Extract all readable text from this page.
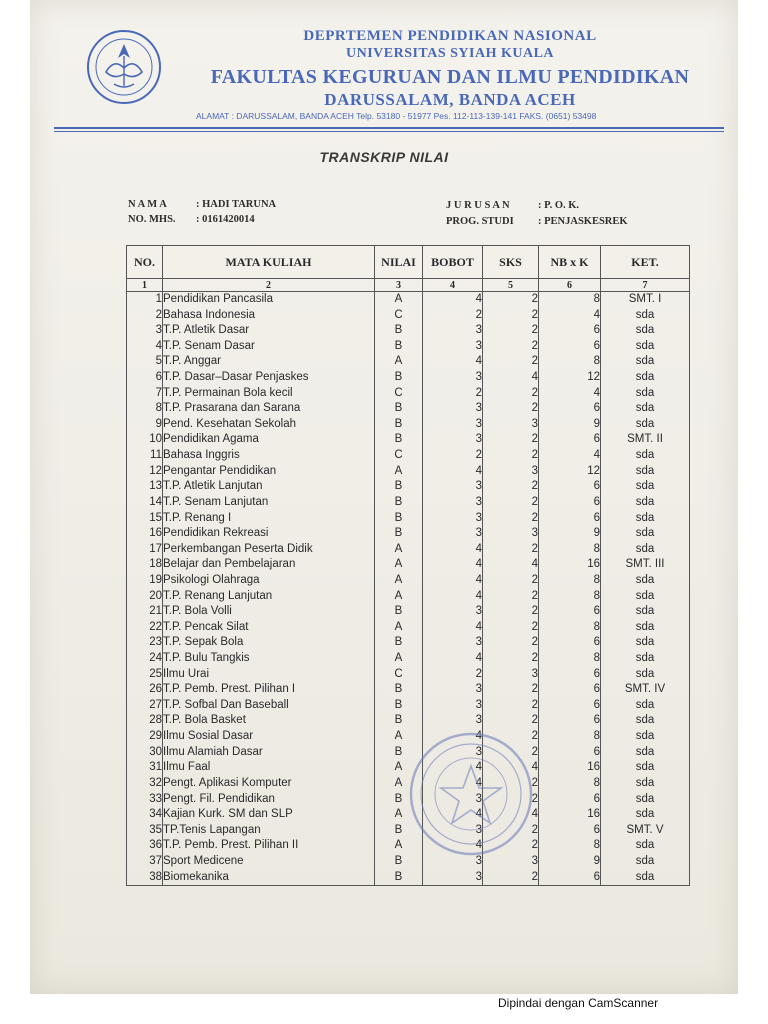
DEPRTEMEN PENDIDIKAN NASIONAL
UNIVERSITAS SYIAH KUALA
FAKULTAS KEGURUAN DAN ILMU PENDIDIKAN
DARUSSALAM, BANDA ACEH
ALAMAT : DARUSSALAM, BANDA ACEH Telp. 53180 - 51977 Pes. 112-113-139-141 FAKS. (0651) 53498
TRANSKRIP NILAI
N A M A	: HADI TARUNA
NO. MHS. : 0161420014
J U R U S A N	: P. O. K.
PROG. STUDI : PENJASKESREK
NO.	MATA KULIAH	NILAI	BOBOT	SKS	NB x K	KET.
1	2	3	4	5	6	7
1	Pendidikan Pancasila	A	4	2	8	SMT. I
2	Bahasa Indonesia	C	2	2	4	sda
3	T.P. Atletik Dasar	B	3	2	6	sda
4	T.P. Senam Dasar	B	3	2	6	sda
5	T.P. Anggar	A	4	2	8	sda
6	T.P. Dasar–Dasar Penjaskes	B	3	4	12	sda
7	T.P. Permainan Bola kecil	C	2	2	4	sda
8	T.P. Prasarana dan Sarana	B	3	2	6	sda
9	Pend. Kesehatan Sekolah	B	3	3	9	sda
10	Pendidikan Agama	B	3	2	6	SMT. II
11	Bahasa Inggris	C	2	2	4	sda
12	Pengantar Pendidikan	A	4	3	12	sda
13	T.P. Atletik Lanjutan	B	3	2	6	sda
14	T.P. Senam Lanjutan	B	3	2	6	sda
15	T.P. Renang I	B	3	2	6	sda
16	Pendidikan Rekreasi	B	3	3	9	sda
17	Perkembangan Peserta Didik	A	4	2	8	sda
18	Belajar dan Pembelajaran	A	4	4	16	SMT. III
19	Psikologi Olahraga	A	4	2	8	sda
20	T.P. Renang Lanjutan	A	4	2	8	sda
21	T.P. Bola Volli	B	3	2	6	sda
22	T.P. Pencak Silat	A	4	2	8	sda
23	T.P. Sepak Bola	B	3	2	6	sda
24	T.P. Bulu Tangkis	A	4	2	8	sda
25	Ilmu Urai	C	2	3	6	sda
26	T.P. Pemb. Prest. Pilihan I	B	3	2	6	SMT. IV
27	T.P. Sofbal Dan Baseball	B	3	2	6	sda
28	T.P. Bola Basket	B	3	2	6	sda
29	Ilmu Sosial Dasar	A	4	2	8	sda
30	Ilmu Alamiah Dasar	B	3	2	6	sda
31	Ilmu Faal	A	4	4	16	sda
32	Pengt. Aplikasi Komputer	A	4	2	8	sda
33	Pengt. Fil. Pendidikan	B	3	2	6	sda
34	Kajian Kurk. SM dan SLP	A	4	4	16	sda
35	TP.Tenis Lapangan	B	3	2	6	SMT. V
36	T.P. Pemb. Prest. Pilihan II	A	4	2	8	sda
37	Sport Medicene	B	3	3	9	sda
38	Biomekanika	B	3	2	6	sda
Dipindai dengan CamScanner
